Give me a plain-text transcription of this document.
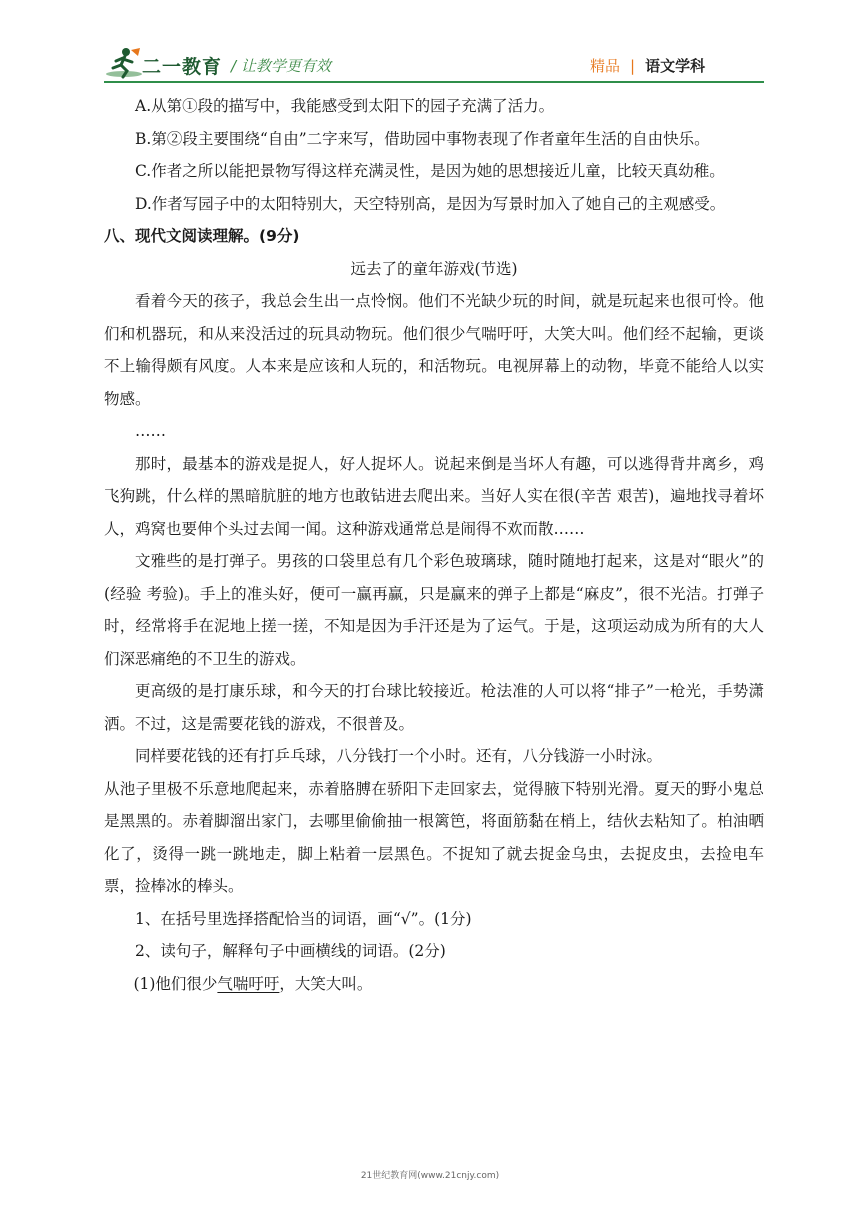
二一教育 / 让教学更有效	精品 | 语文学科

A.从第①段的描写中，我能感受到太阳下的园子充满了活力。

B.第②段主要围绕“自由”二字来写，借助园中事物表现了作者童年生活的自由快乐。

C.作者之所以能把景物写得这样充满灵性，是因为她的思想接近儿童，比较天真幼稚。

D.作者写园子中的太阳特别大，天空特别高，是因为写景时加入了她自己的主观感受。

八、现代文阅读理解。(9分)

远去了的童年游戏(节选)

看着今天的孩子，我总会生出一点怜悯。他们不光缺少玩的时间，就是玩起来也很可怜。他们和机器玩，和从来没活过的玩具动物玩。他们很少气喘吁吁，大笑大叫。他们经不起输，更谈不上输得颇有风度。人本来是应该和人玩的，和活物玩。电视屏幕上的动物，毕竟不能给人以实物感。

……

那时，最基本的游戏是捉人，好人捉坏人。说起来倒是当坏人有趣，可以逃得背井离乡，鸡飞狗跳，什么样的黑暗肮脏的地方也敢钻进去爬出来。当好人实在很(辛苦 艰苦)，遍地找寻着坏人，鸡窝也要伸个头过去闻一闻。这种游戏通常总是闹得不欢而散……

文雅些的是打弹子。男孩的口袋里总有几个彩色玻璃球，随时随地打起来，这是对“眼火”的(经验 考验)。手上的准头好，便可一赢再赢，只是赢来的弹子上都是“麻皮”，很不光洁。打弹子时，经常将手在泥地上搓一搓，不知是因为手汗还是为了运气。于是，这项运动成为所有的大人们深恶痛绝的不卫生的游戏。

更高级的是打康乐球，和今天的打台球比较接近。枪法准的人可以将“排子”一枪光，手势潇洒。不过，这是需要花钱的游戏，不很普及。

同样要花钱的还有打乒乓球，八分钱打一个小时。还有，八分钱游一小时泳。

从池子里极不乐意地爬起来，赤着胳膊在骄阳下走回家去，觉得腋下特别光滑。夏天的野小鬼总是黑黑的。赤着脚溜出家门，去哪里偷偷抽一根篱笆，将面筋黏在梢上，结伙去粘知了。柏油晒化了，烫得一跳一跳地走，脚上粘着一层黑色。不捉知了就去捉金乌虫，去捉皮虫，去捡电车票，捡棒冰的棒头。

1、在括号里选择搭配恰当的词语，画“√”。(1分)

2、读句子，解释句子中画横线的词语。(2分)

(1)他们很少气喘吁吁，大笑大叫。

21世纪教育网(www.21cnjy.com)
